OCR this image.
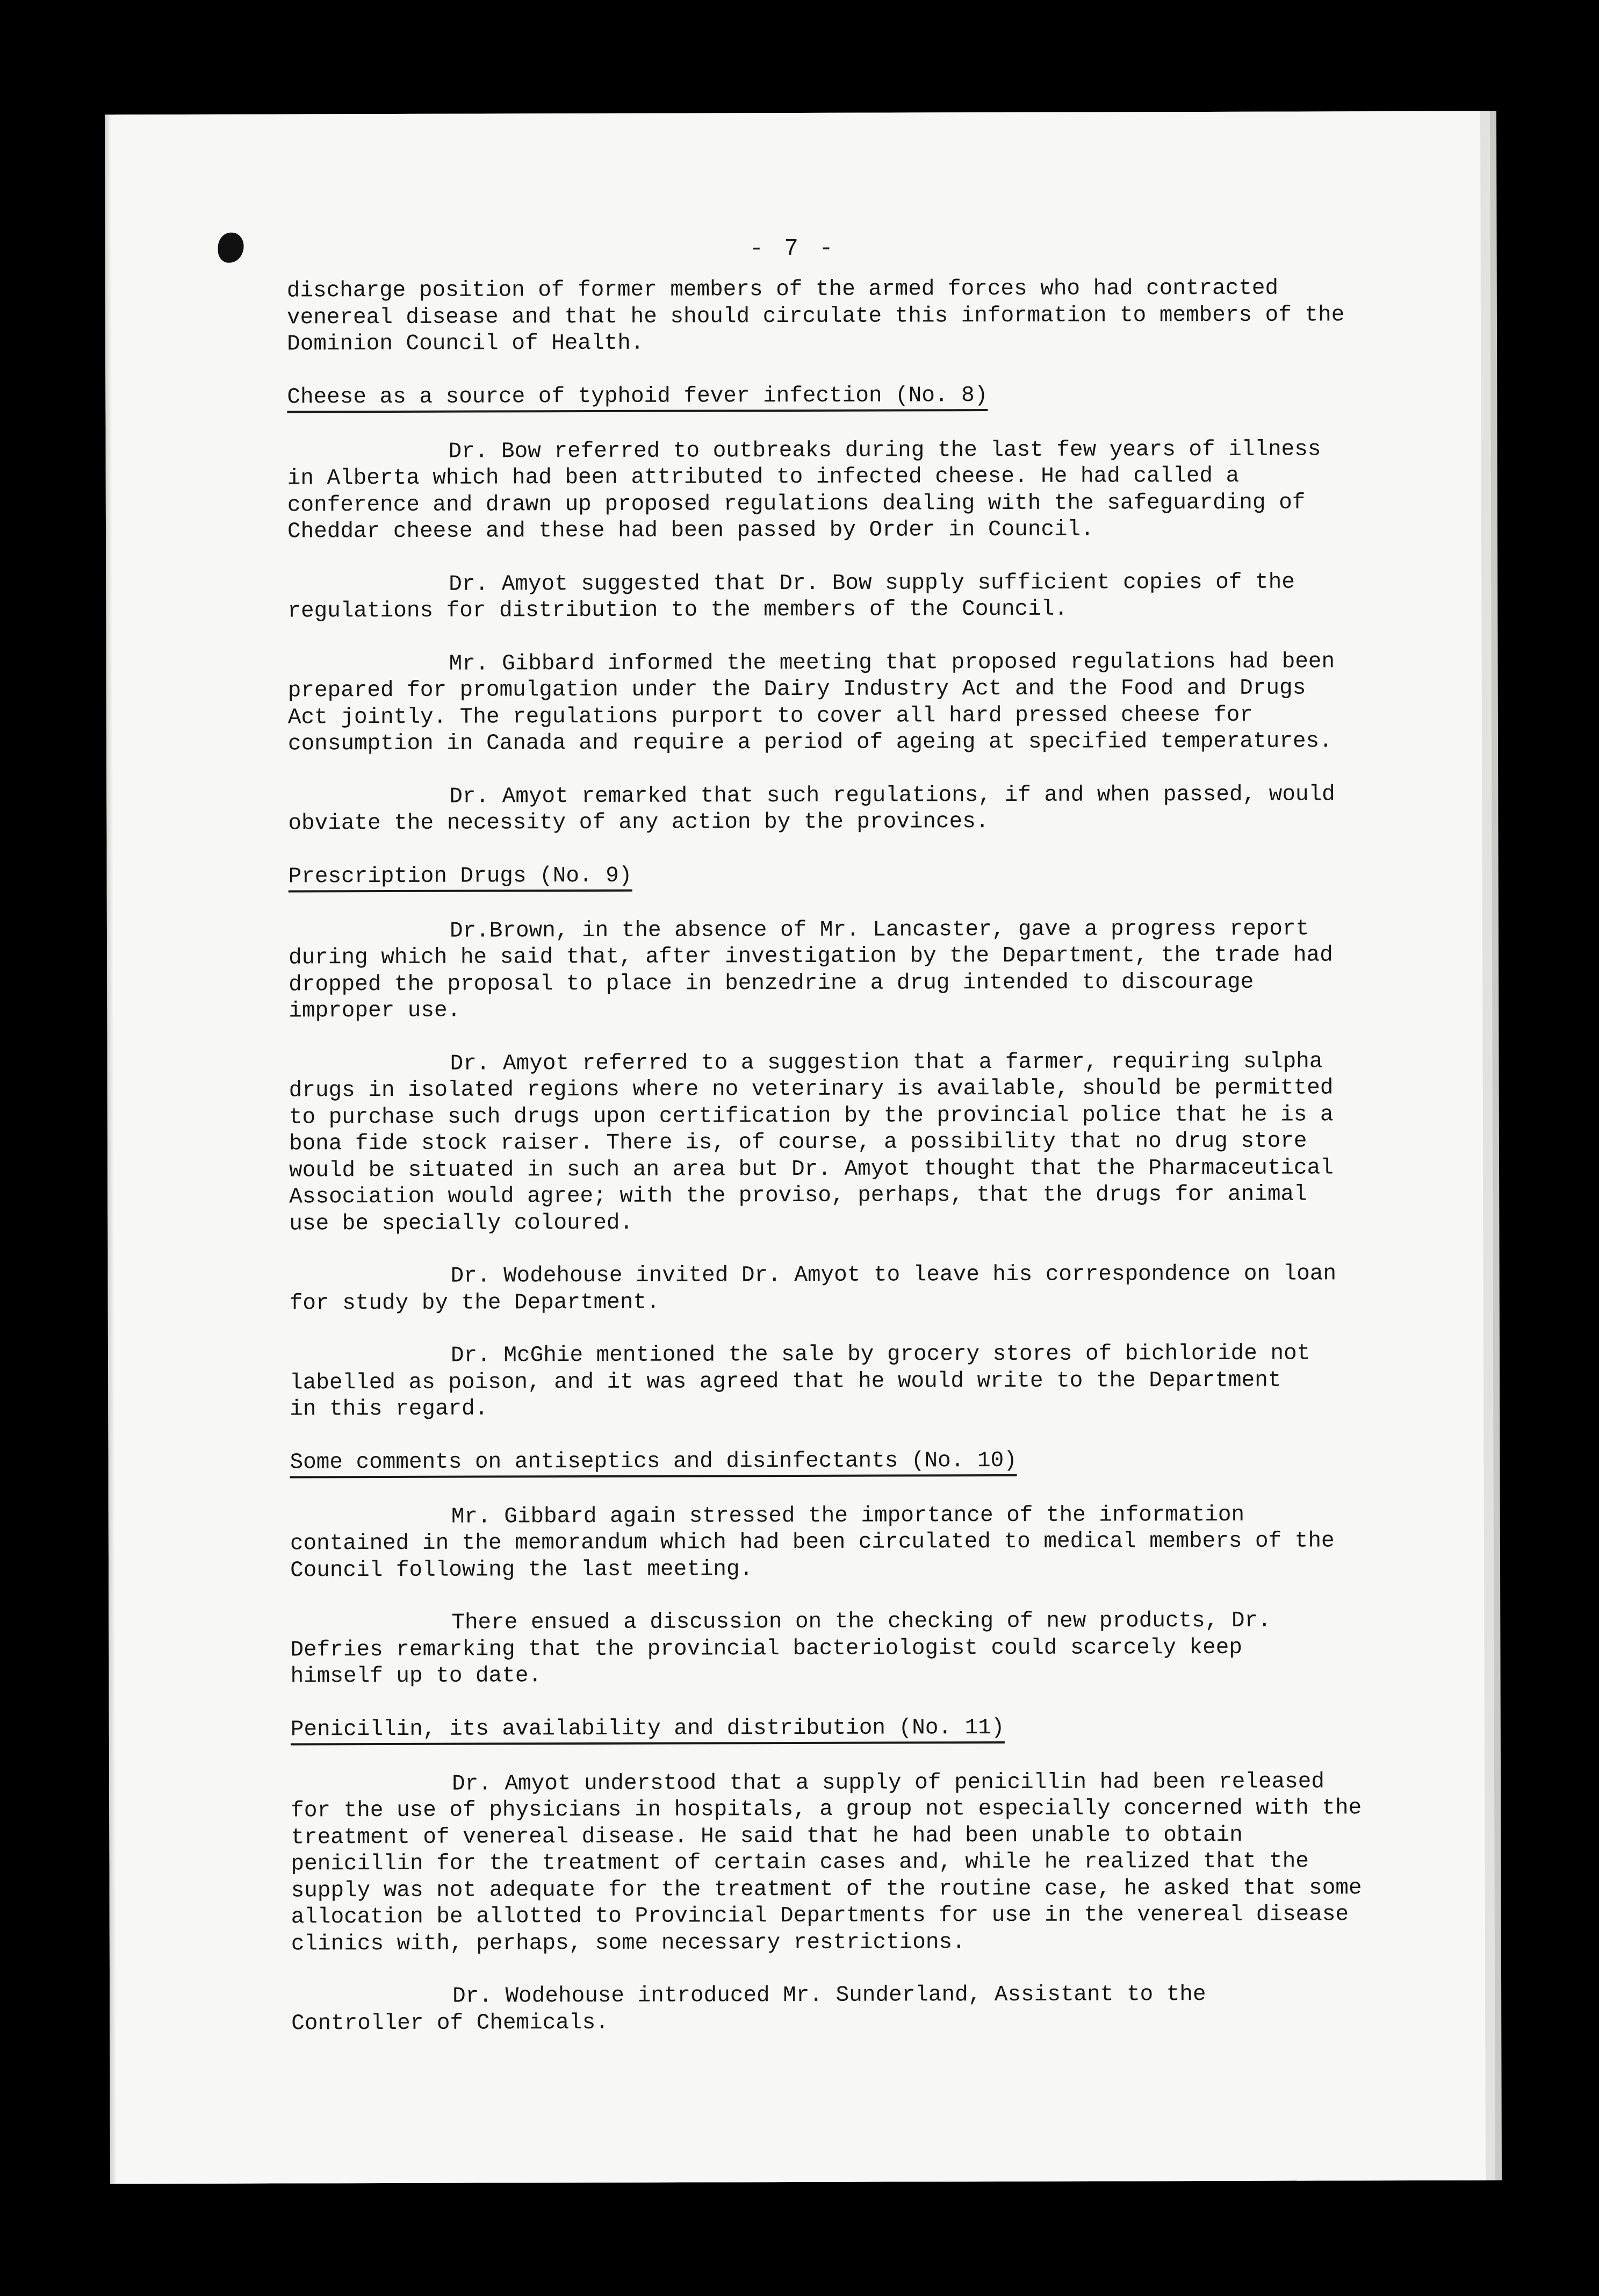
- 7 -

discharge position of former members of the armed forces who had contracted
venereal disease and that he should circulate this information to members of the
Dominion Council of Health.

Cheese as a source of typhoid fever infection (No. 8)

Dr. Bow referred to outbreaks during the last few years of illness
in Alberta which had been attributed to infected cheese. He had called a
conference and drawn up proposed regulations dealing with the safeguarding of
Cheddar cheese and these had been passed by Order in Council.

Dr. Amyot suggested that Dr. Bow supply sufficient copies of the
regulations for distribution to the members of the Council.

Mr. Gibbard informed the meeting that proposed regulations had been
prepared for promulgation under the Dairy Industry Act and the Food and Drugs
Act jointly. The regulations purport to cover all hard pressed cheese for
consumption in Canada and require a period of ageing at specified temperatures.

Dr. Amyot remarked that such regulations, if and when passed, would
obviate the necessity of any action by the provinces.

Prescription Drugs (No. 9)

Dr.Brown, in the absence of Mr. Lancaster, gave a progress report
during which he said that, after investigation by the Department, the trade had
dropped the proposal to place in benzedrine a drug intended to discourage
improper use.

Dr. Amyot referred to a suggestion that a farmer, requiring sulpha
drugs in isolated regions where no veterinary is available, should be permitted
to purchase such drugs upon certification by the provincial police that he is a
bona fide stock raiser. There is, of course, a possibility that no drug store
would be situated in such an area but Dr. Amyot thought that the Pharmaceutical
Association would agree; with the proviso, perhaps, that the drugs for animal
use be specially coloured.

Dr. Wodehouse invited Dr. Amyot to leave his correspondence on loan
for study by the Department.

Dr. McGhie mentioned the sale by grocery stores of bichloride not
labelled as poison, and it was agreed that he would write to the Department
in this regard.

Some comments on antiseptics and disinfectants (No. 10)

Mr. Gibbard again stressed the importance of the information
contained in the memorandum which had been circulated to medical members of the
Council following the last meeting.

There ensued a discussion on the checking of new products, Dr.
Defries remarking that the provincial bacteriologist could scarcely keep
himself up to date.

Penicillin, its availability and distribution (No. 11)

Dr. Amyot understood that a supply of penicillin had been released
for the use of physicians in hospitals, a group not especially concerned with the
treatment of venereal disease. He said that he had been unable to obtain
penicillin for the treatment of certain cases and, while he realized that the
supply was not adequate for the treatment of the routine case, he asked that some
allocation be allotted to Provincial Departments for use in the venereal disease
clinics with, perhaps, some necessary restrictions.

Dr. Wodehouse introduced Mr. Sunderland, Assistant to the
Controller of Chemicals.
